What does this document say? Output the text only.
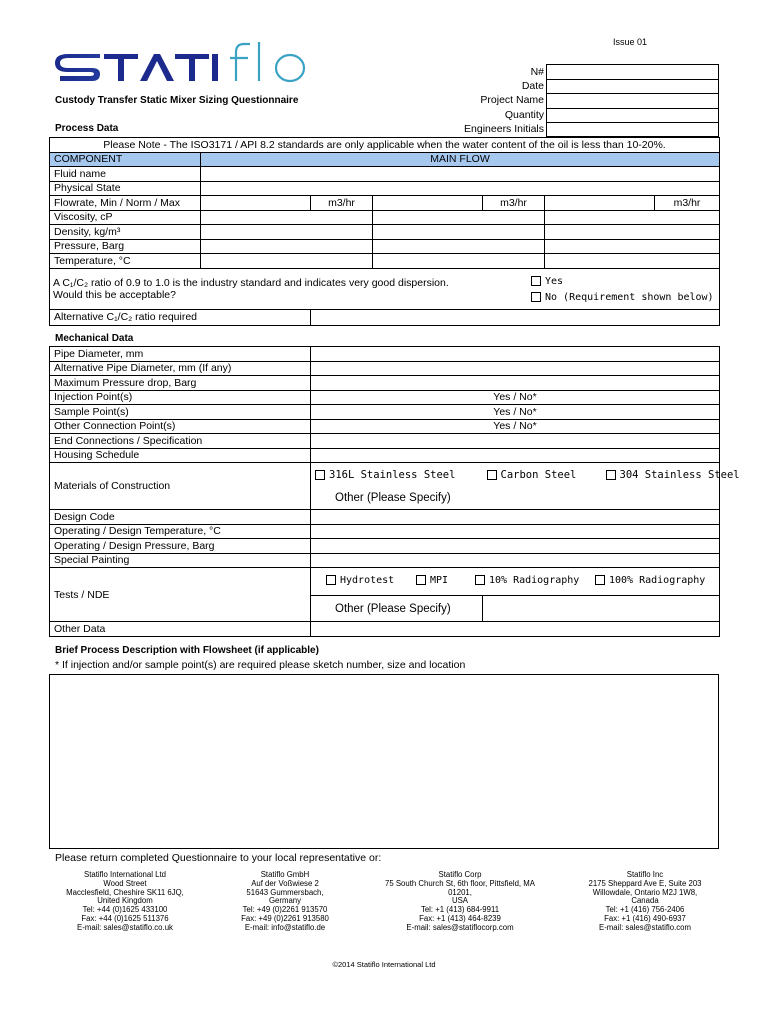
Issue 01
Custody Transfer Static Mixer Sizing Questionnaire
N#
Date
Project Name
Quantity
Engineers Initials
Process Data
Please Note - The ISO3171 / API 8.2 standards are only applicable when the water content of the oil is less than 10-20%.						
COMPONENT	MAIN FLOW					
Fluid name						
Physical State						
Flowrate, Min / Norm / Max		m3/hr		m3/hr		m3/hr
Viscosity, cP						
Density, kg/m³						
Pressure, Barg						
Temperature, °C						

A C₁/C₂ ratio of 0.9 to 1.0 is the industry standard and indicates very good dispersion.
Would this be acceptable?
Yes
No (Requirement shown below)						

Alternative C₁/C₂ ratio required						
Mechanical Data
Pipe Diameter, mm			
Alternative Pipe Diameter, mm (If any)			
Maximum Pressure drop, Barg			
Injection Point(s)	Yes / No*		
Sample Point(s)	Yes / No*		
Other Connection Point(s)	Yes / No*		
End Connections / Specification			
Housing Schedule			
Materials of Construction	316L Stainless Steel	Carbon Steel	304 Stainless Steel
	Other (Please Specify)		
Design Code			
Operating / Design Temperature, °C			
Operating / Design Pressure, Barg			
Special Painting			
Tests / NDE	Hydrotest MPI 10% Radiography 100% Radiography		

	Other (Please Specify)		
Other Data			
Brief Process Description with Flowsheet (if applicable)
* If injection and/or sample point(s) are required please sketch number, size and location
Please return completed Questionnaire to your local representative or:
Statiflo International Ltd
Wood Street
Macclesfield, Cheshire SK11 6JQ,
United Kingdom
Tel: +44 (0)1625 433100
Fax: +44 (0)1625 511376
E-mail: sales@statiflo.co.uk
Statiflo GmbH
Auf der Voßwiese 2
51643 Gummersbach,
Germany
Tel: +49 (0)2261 913570
Fax: +49 (0)2261 913580
E-mail: info@statiflo.de
Statiflo Corp
75 South Church St, 6th floor, Pittsfield, MA
01201,
USA
Tel: +1 (413) 684-9911
Fax: +1 (413) 464-8239
E-mail: sales@statiflocorp.com
Statiflo Inc
2175 Sheppard Ave E, Suite 203
Willowdale, Ontario M2J 1W8,
Canada
Tel: +1 (416) 756-2406
Fax: +1 (416) 490-6937
E-mail: sales@statiflo.com
©2014 Statiflo International Ltd
